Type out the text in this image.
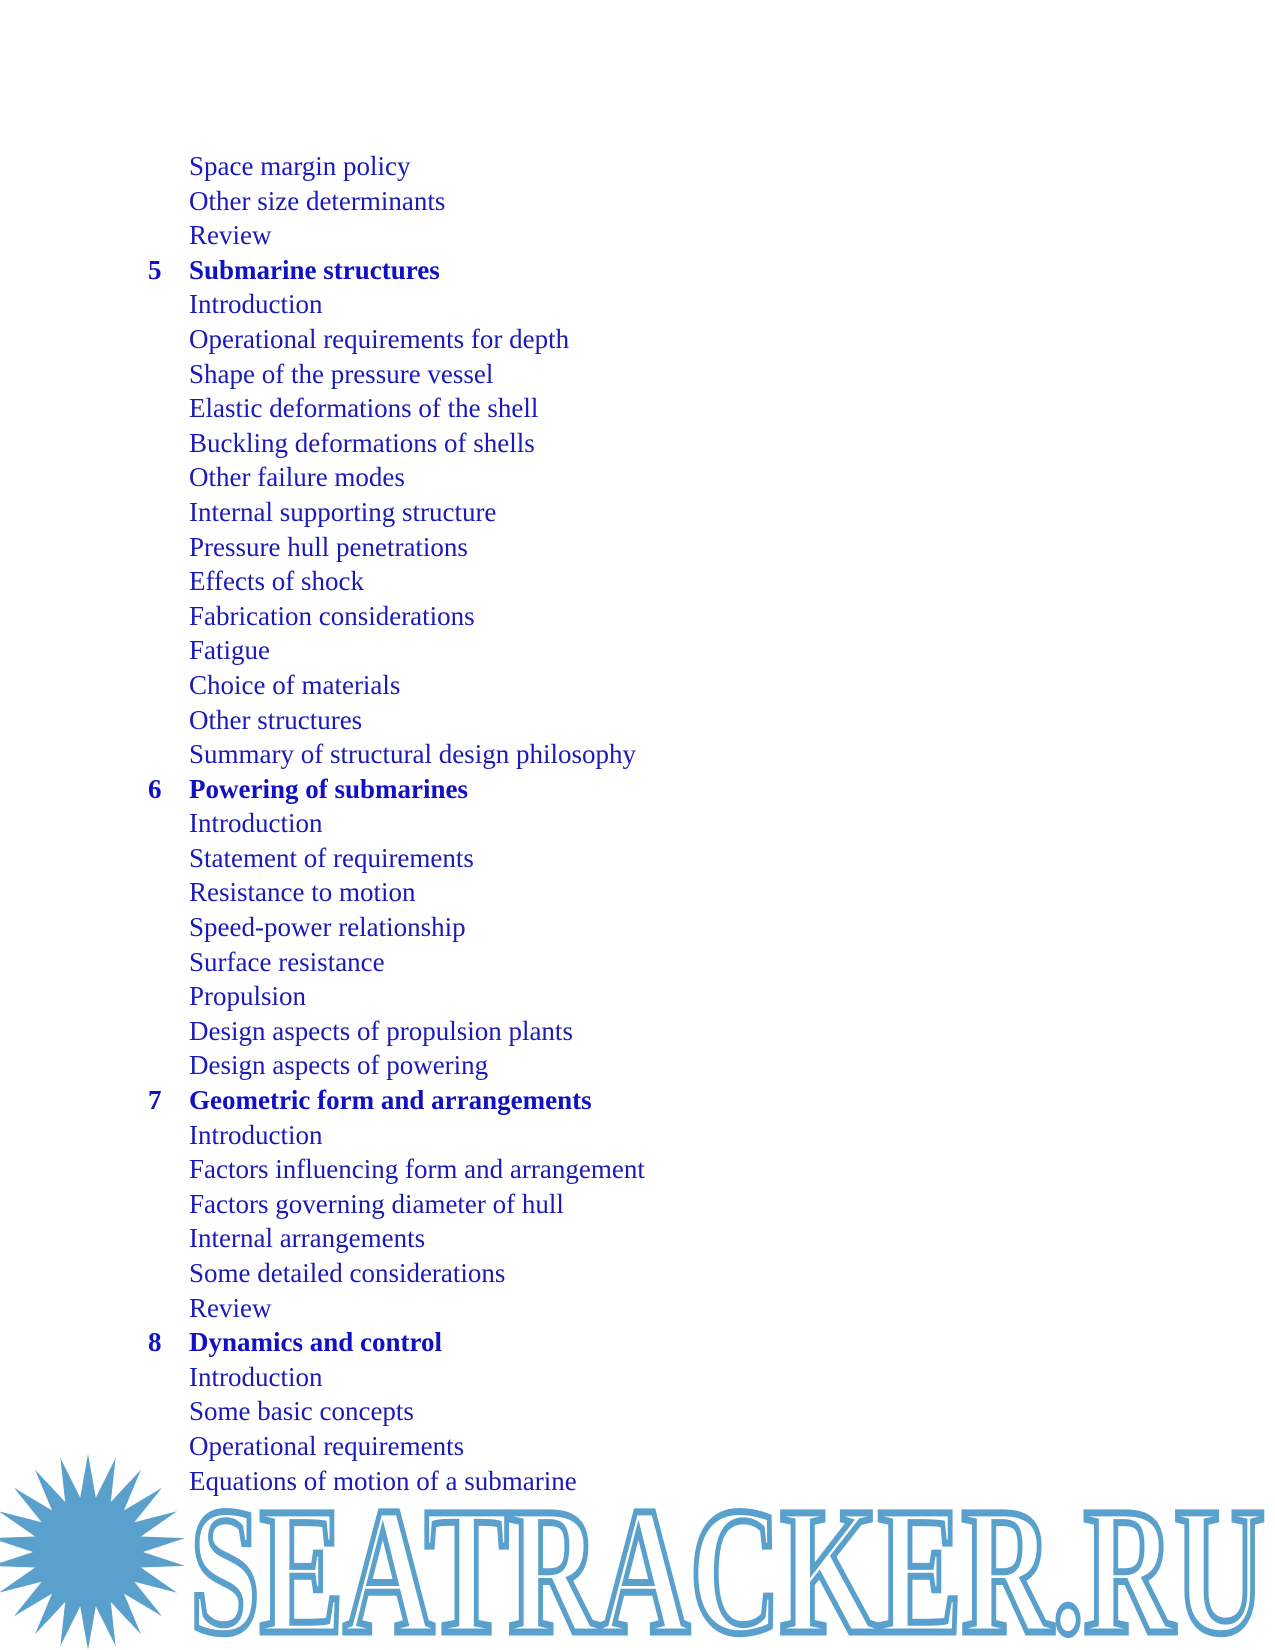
Space margin policy
Other size determinants
Review
5 Submarine structures
Introduction
Operational requirements for depth
Shape of the pressure vessel
Elastic deformations of the shell
Buckling deformations of shells
Other failure modes
Internal supporting structure
Pressure hull penetrations
Effects of shock
Fabrication considerations
Fatigue
Choice of materials
Other structures
Summary of structural design philosophy
6 Powering of submarines
Introduction
Statement of requirements
Resistance to motion
Speed-power relationship
Surface resistance
Propulsion
Design aspects of propulsion plants
Design aspects of powering
7 Geometric form and arrangements
Introduction
Factors influencing form and arrangement
Factors governing diameter of hull
Internal arrangements
Some detailed considerations
Review
8 Dynamics and control
Introduction
Some basic concepts
Operational requirements
Equations of motion of a submarine
SEATRACKER.RU
